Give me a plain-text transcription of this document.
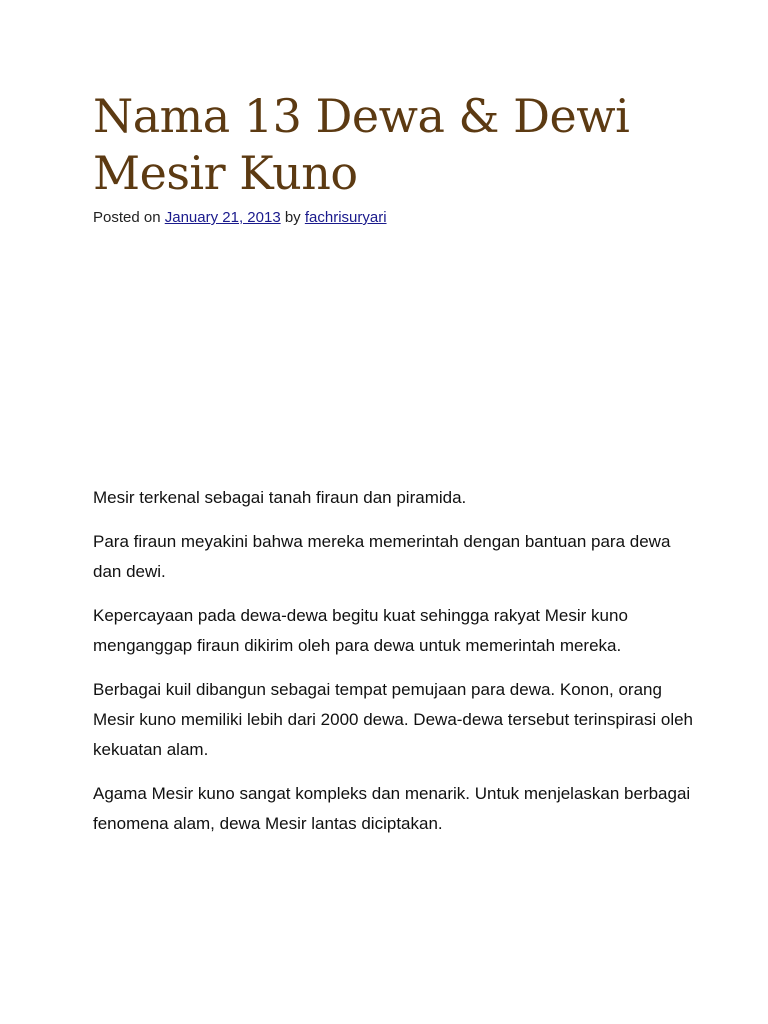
Nama 13 Dewa & Dewi Mesir Kuno
Posted on January 21, 2013 by fachrisuryari

Mesir terkenal sebagai tanah firaun dan piramida.

Para firaun meyakini bahwa mereka memerintah dengan bantuan para dewa dan dewi.

Kepercayaan pada dewa-dewa begitu kuat sehingga rakyat Mesir kuno menganggap firaun dikirim oleh para dewa untuk memerintah mereka.

Berbagai kuil dibangun sebagai tempat pemujaan para dewa. Konon, orang Mesir kuno memiliki lebih dari 2000 dewa. Dewa-dewa tersebut terinspirasi oleh kekuatan alam.

Agama Mesir kuno sangat kompleks dan menarik. Untuk menjelaskan berbagai fenomena alam, dewa Mesir lantas diciptakan.
